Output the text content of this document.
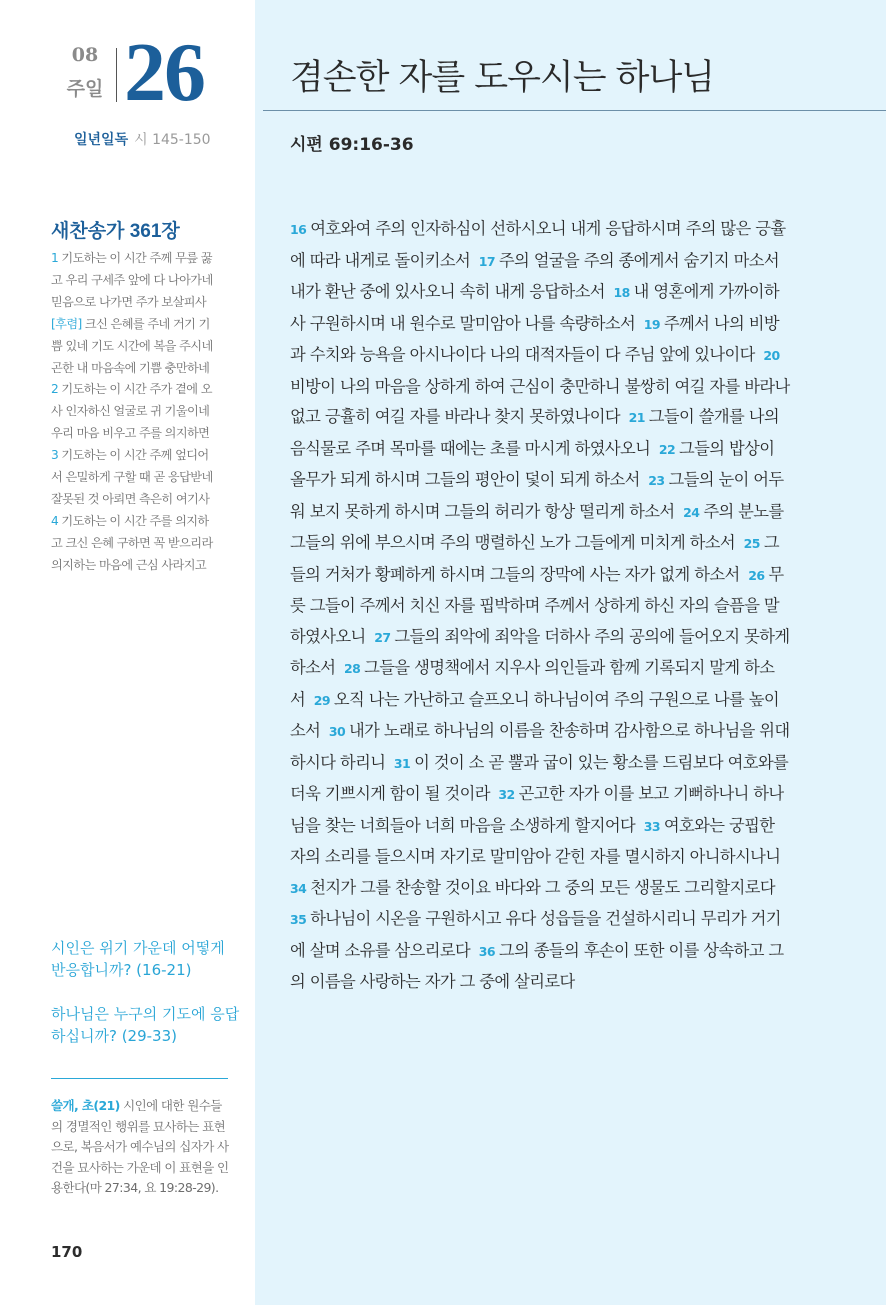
08
주일 26
일년일독 시 145-150
새찬송가 361장
1 기도하는 이 시간 주께 무릎 꿇
고 우리 구세주 앞에 다 나아가네
믿음으로 나가면 주가 보살피사
[후렴] 크신 은혜를 주네 거기 기
쁨 있네 기도 시간에 복을 주시네
곤한 내 마음속에 기쁨 충만하네
2 기도하는 이 시간 주가 곁에 오
사 인자하신 얼굴로 귀 기울이네
우리 마음 비우고 주를 의지하면
3 기도하는 이 시간 주께 엎디어
서 은밀하게 구할 때 곧 응답받네
잘못된 것 아뢰면 측은히 여기사
4 기도하는 이 시간 주를 의지하
고 크신 은혜 구하면 꼭 받으리라
의지하는 마음에 근심 사라지고
시인은 위기 가운데 어떻게 반응합니까? (16-21)
하나님은 누구의 기도에 응답하십니까? (29-33)
쓸개, 초(21) 시인에 대한 원수들의 경멸적인 행위를 묘사하는 표현으로, 복음서가 예수님의 십자가 사건을 묘사하는 가운데 이 표현을 인용한다(마 27:34, 요 19:28-29).
170
겸손한 자를 도우시는 하나님
시편 69:16-36
16 여호와여 주의 인자하심이 선하시오니 내게 응답하시며 주의 많은 긍휼에 따라 내게로 돌이키소서 17 주의 얼굴을 주의 종에게서 숨기지 마소서 내가 환난 중에 있사오니 속히 내게 응답하소서 18 내 영혼에게 가까이하사 구원하시며 내 원수로 말미암아 나를 속량하소서 19 주께서 나의 비방과 수치와 능욕을 아시나이다 나의 대적자들이 다 주님 앞에 있나이다 20비방이 나의 마음을 상하게 하여 근심이 충만하니 불쌍히 여길 자를 바라나 없고 긍휼히 여길 자를 바라나 찾지 못하였나이다 21 그들이 쓸개를 나의 음식물로 주며 목마를 때에는 초를 마시게 하였사오니 22 그들의 밥상이 올무가 되게 하시며 그들의 평안이 덫이 되게 하소서 23 그들의 눈이 어두워 보지 못하게 하시며 그들의 허리가 항상 떨리게 하소서 24 주의 분노를 그들의 위에 부으시며 주의 맹렬하신 노가 그들에게 미치게 하소서 25 그들의 거처가 황폐하게 하시며 그들의 장막에 사는 자가 없게 하소서 26 무릇 그들이 주께서 치신 자를 핍박하며 주께서 상하게 하신 자의 슬픔을 말하였사오니 27 그들의 죄악에 죄악을 더하사 주의 공의에 들어오지 못하게 하소서 28 그들을 생명책에서 지우사 의인들과 함께 기록되지 말게 하소서 29 오직 나는 가난하고 슬프오니 하나님이여 주의 구원으로 나를 높이소서 30 내가 노래로 하나님의 이름을 찬송하며 감사함으로 하나님을 위대하시다 하리니 31 이 것이 소 곧 뿔과 굽이 있는 황소를 드림보다 여호와를 더욱 기쁘시게 함이 될 것이라 32 곤고한 자가 이를 보고 기뻐하나니 하나님을 찾는 너희들아 너희 마음을 소생하게 할지어다 33 여호와는 궁핍한 자의 소리를 들으시며 자기로 말미암아 갇힌 자를 멸시하지 아니하시나니 34 천지가 그를 찬송할 것이요 바다와 그 중의 모든 생물도 그리할지로다 35 하나님이 시온을 구원하시고 유다 성읍들을 건설하시리니 무리가 거기에 살며 소유를 삼으리로다 36 그의 종들의 후손이 또한 이를 상속하고 그의 이름을 사랑하는 자가 그 중에 살리로다
